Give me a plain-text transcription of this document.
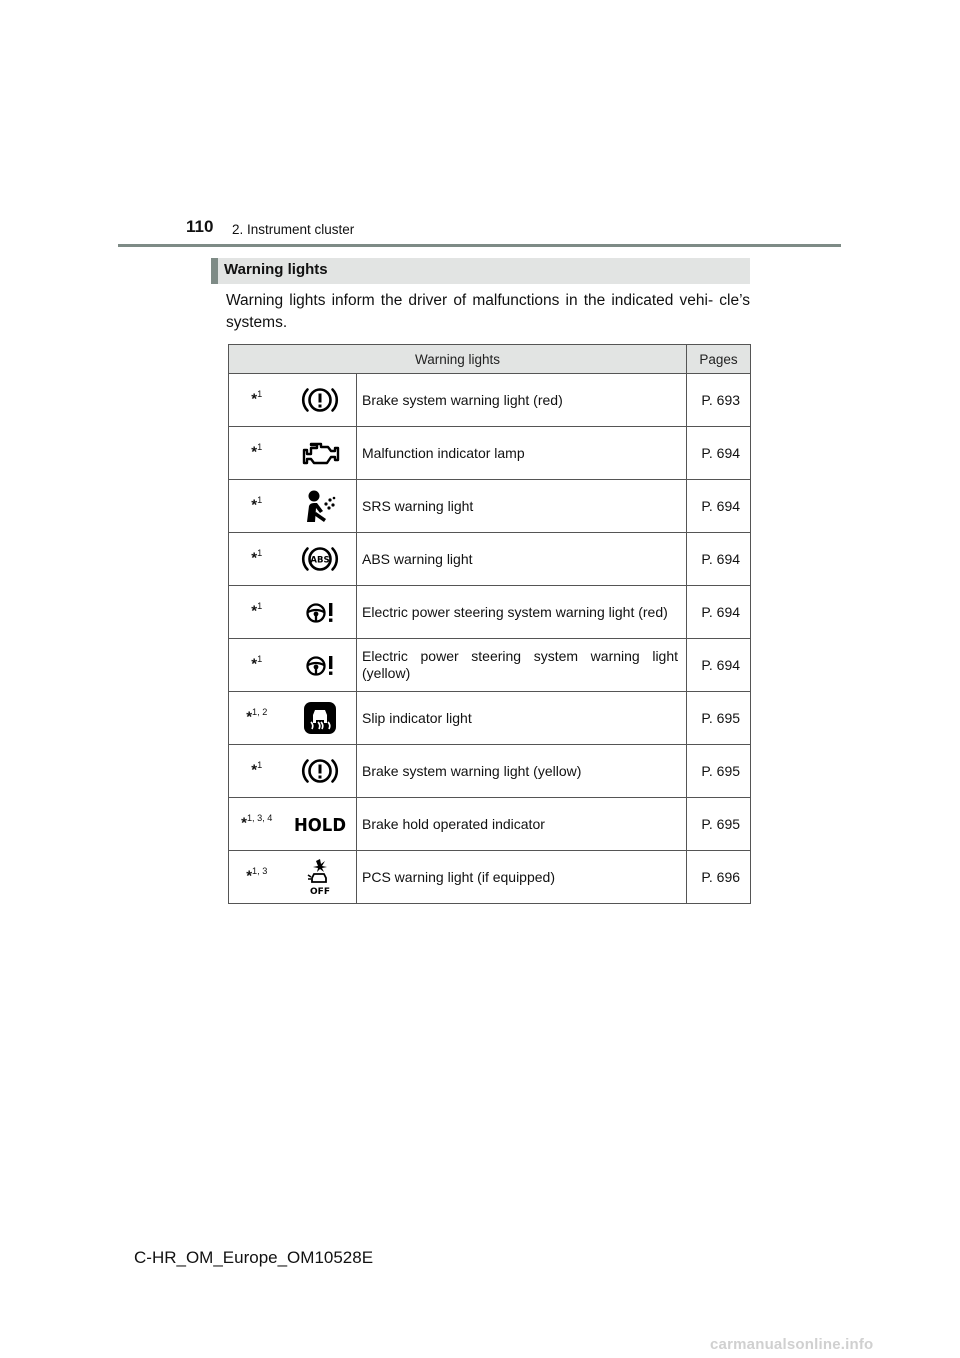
110 2. Instrument cluster
Warning lights
Warning lights inform the driver of malfunctions in the indicated vehi- cle’s systems.
Warning lights			Pages

*$^1$		Brake system warning light (red)	P. 693

*$^1$		Malfunction indicator lamp	P. 694

*$^1$		SRS warning light	P. 694

*$^1$	ABS	ABS warning light	P. 694

*$^1$		Electric power steering system warning light (red)	P. 694

*$^1$		Electric power steering system warning light (yellow)	P. 694

*$^{1, 2}$		Slip indicator light	P. 695

*$^1$		Brake system warning light (yellow)	P. 695

*$^{1, 3, 4}$	HOLD	Brake hold operated indicator	P. 695

*$^{1, 3}$	OFF	PCS warning light (if equipped)	P. 696
C-HR_OM_Europe_OM10528E
carmanualsonline.info
